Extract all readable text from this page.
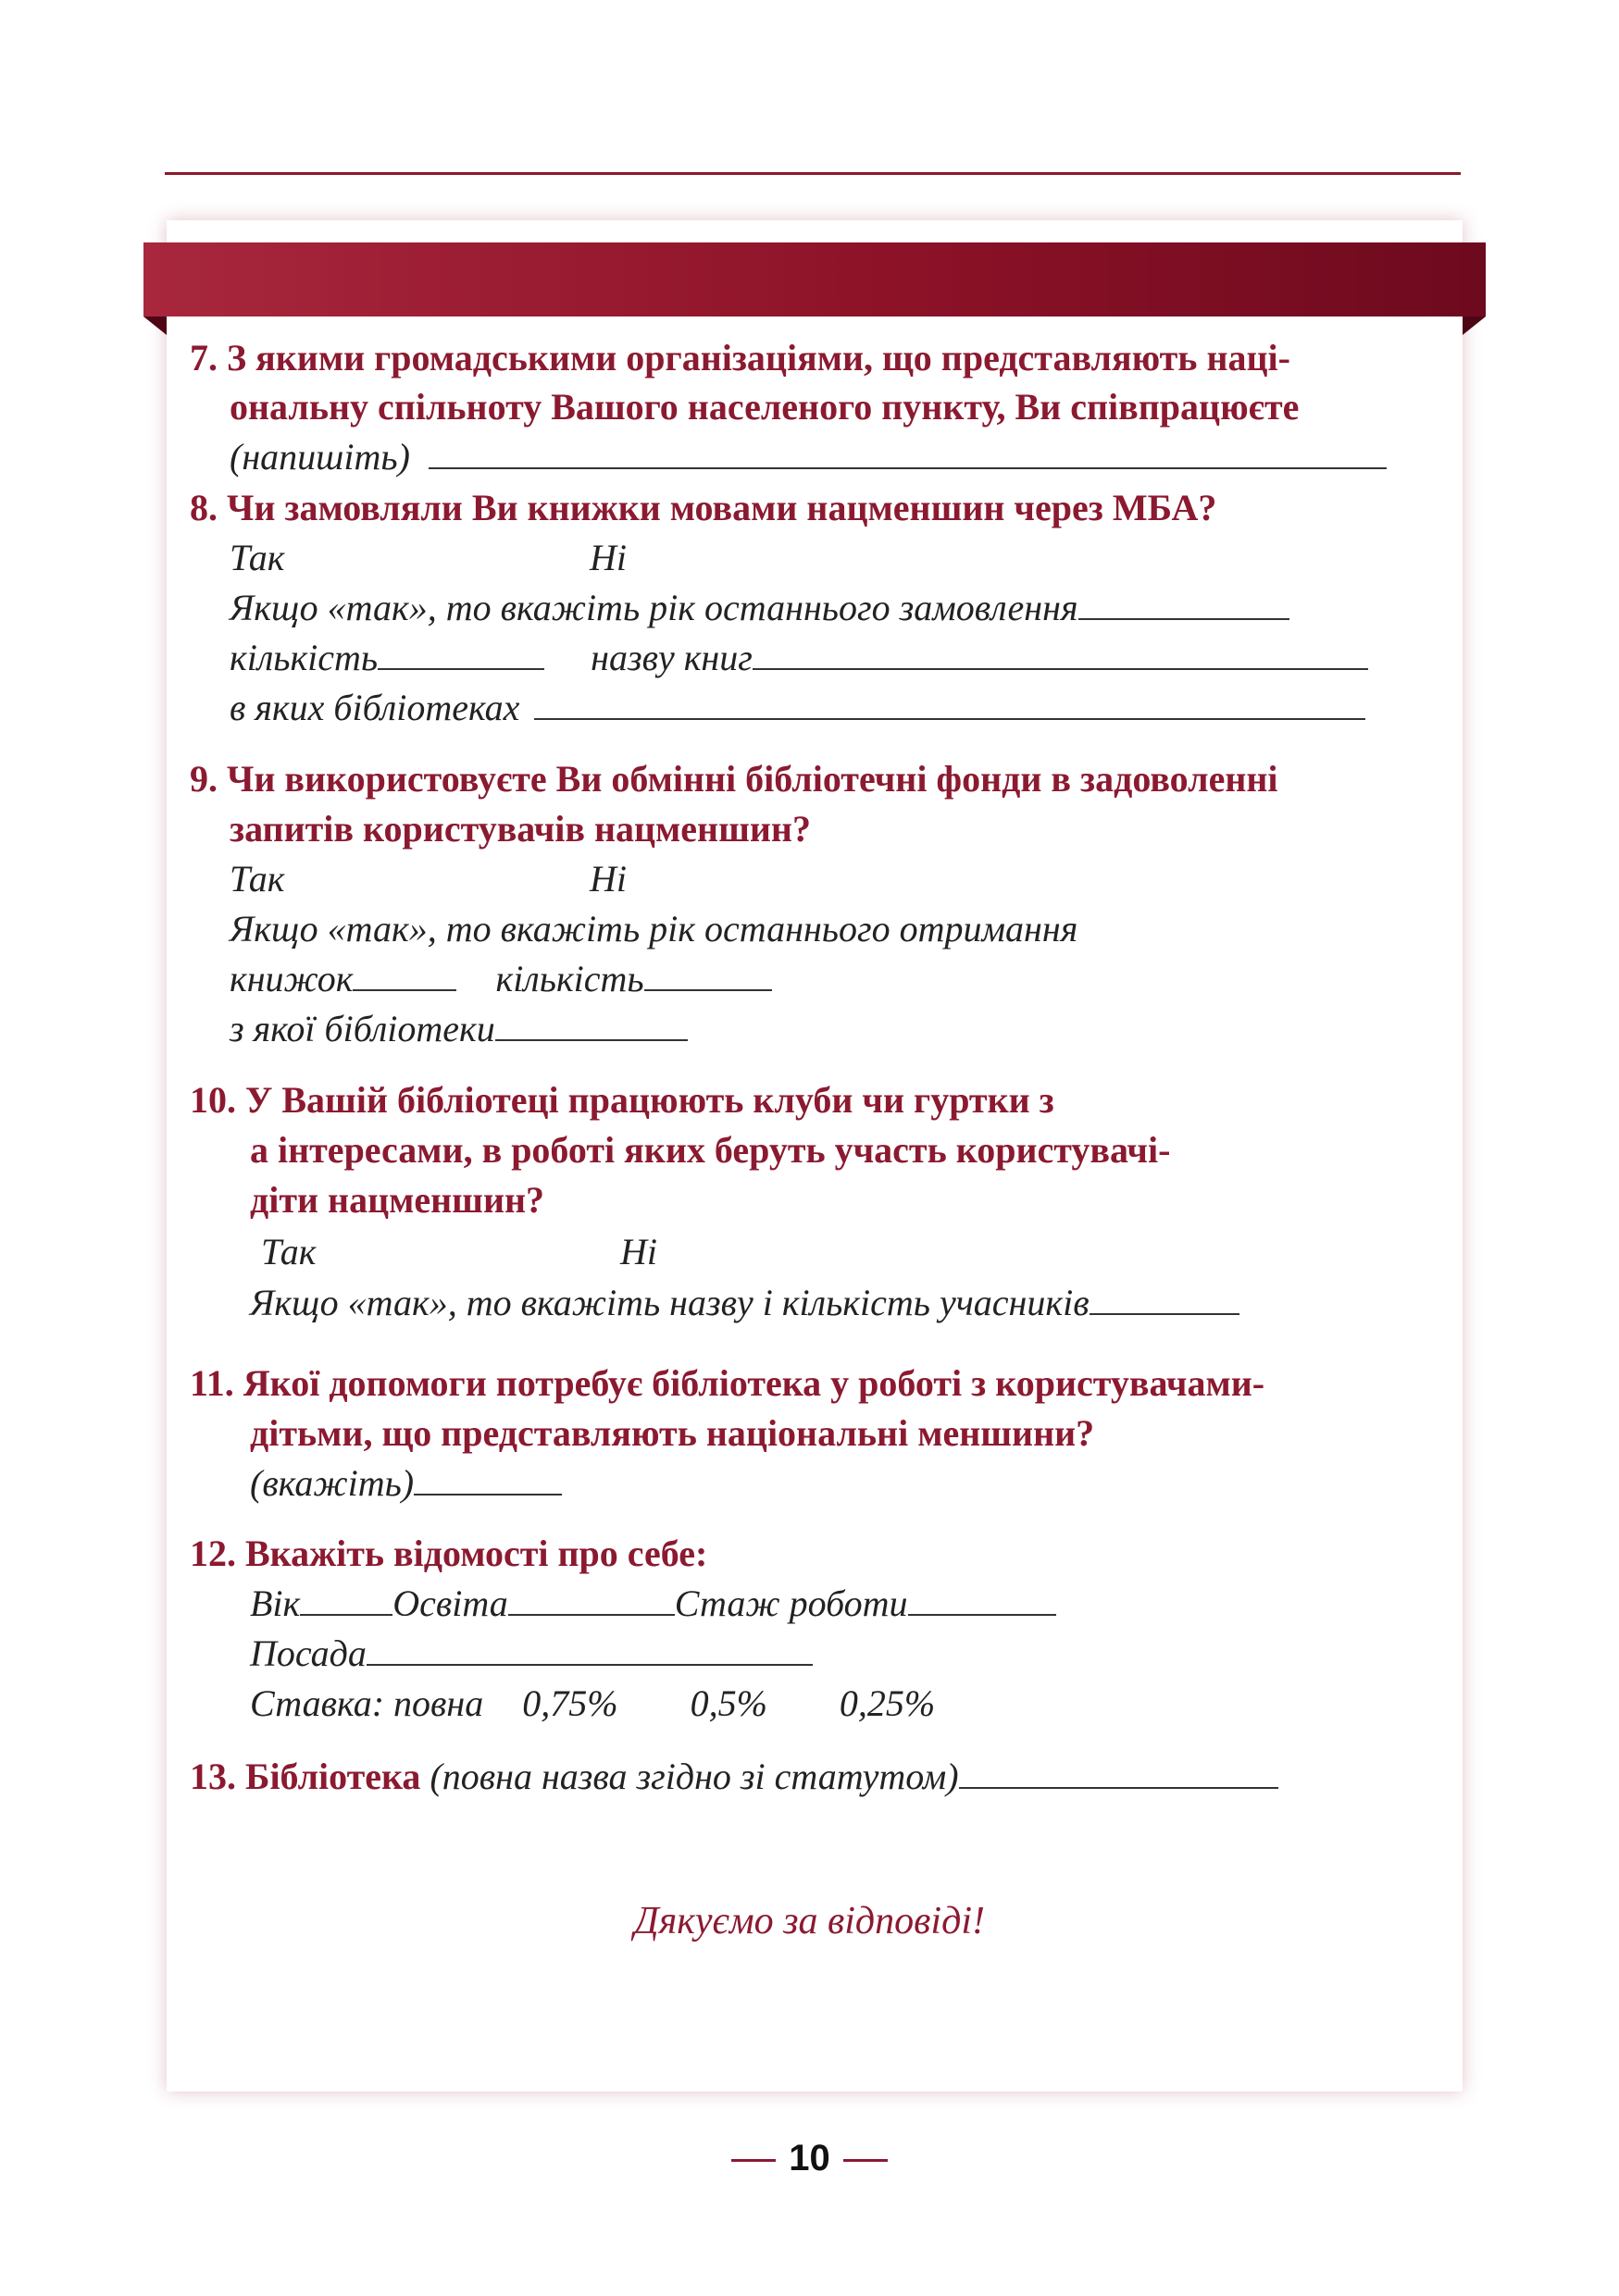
7. З якими громадськими організаціями, що представляють наці-
ональну спільноту Вашого населеного пункту, Ви співпрацюєте
(напишіть)
8. Чи замовляли Ви книжки мовами нацменшин через МБА?
Так	Ні
Якщо «так», то вкажіть рік останнього замовлення
кількість	назву книг
в яких бібліотеках
9. Чи використовуєте Ви обмінні бібліотечні фонди в задоволенні
запитів користувачів нацменшин?
Так	Ні
Якщо «так», то вкажіть рік останнього отримання
книжок	кількість
з якої бібліотеки
10. У Вашій бібліотеці працюють клуби чи гуртки з
а інтересами, в роботі яких беруть участь користувачі-
діти нацменшин?
Так	Ні
Якщо «так», то вкажіть назву і кількість учасників
11. Якої допомоги потребує бібліотека у роботі з користувачами-
дітьми, що представляють національні меншини?
(вкажіть)
12. Вкажіть відомості про себе:
Вік	Освіта	Стаж роботи
Посада
Ставка: повна 0,75% 0,5% 0,25%
13. Бібліотека (повна назва згідно зі статутом)
Дякуємо за відповіді!
10
